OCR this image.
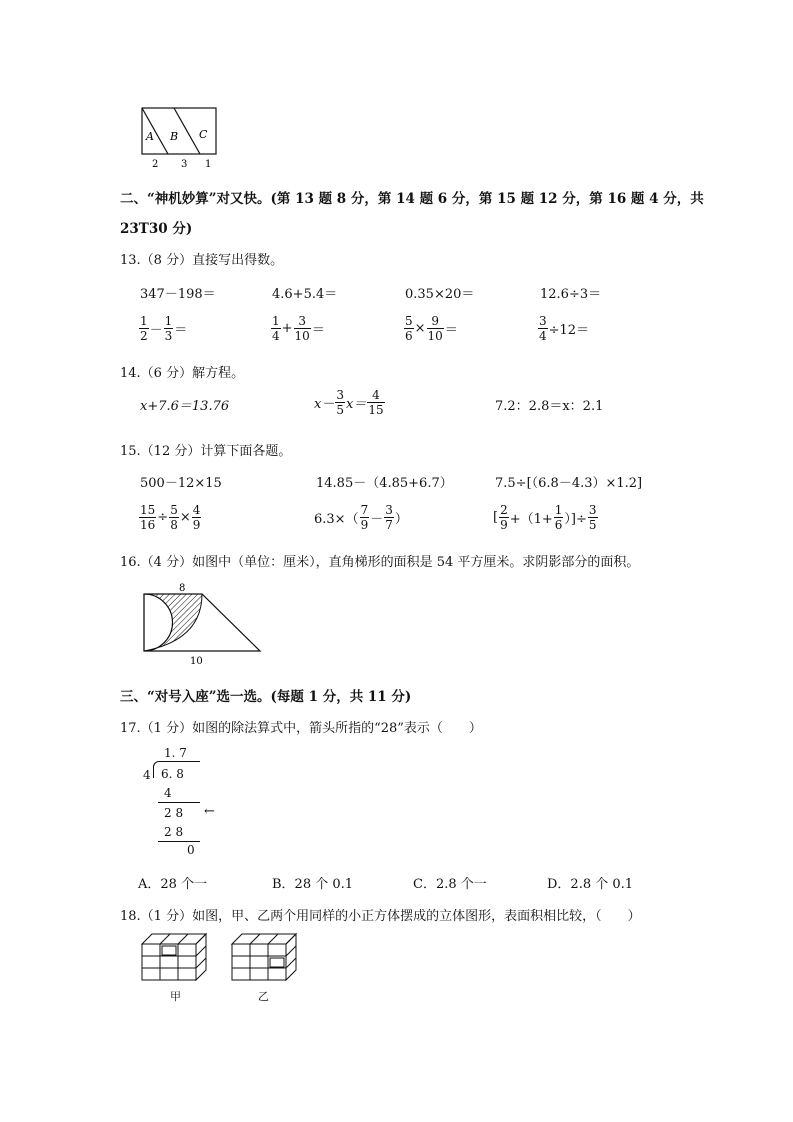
A B C
2 3 1
二、“神机妙算”对又快。(第 13 题 8 分，第 14 题 6 分，第 15 题 12 分，第 16 题 4 分，共
23T30 分)
13.（8 分）直接写出得数。
347－198＝	4.6+5.4＝	0.35×20＝	12.6÷3＝
$\frac{1}{2} - \frac{1}{3}$ ＝	$\frac{1}{4} + \frac{3}{10}$ ＝	$\frac{5}{6} \times \frac{9}{10}$ ＝	$\frac{3}{4} \div 12=$
14.（6 分）解方程。
x+7.6＝13.76	$x- \frac{3}{5} x= \frac{4}{15}$	7.2：2.8＝x：2.1
15.（12 分）计算下面各题。
500－12×15	14.85－（4.85+6.7）	7.5÷[（6.8－4.3）×1.2]
$\frac{15}{16} \div \frac{5}{8} \times \frac{4}{9}$	$6.3\times( \frac{7}{9} - \frac{3}{7}$ ）	[ $\frac{2}{9} +(1+ \frac{1}{6}$ ）]÷ $\frac{3}{5}$
16.（4 分）如图中（单位：厘米），直角梯形的面积是 54 平方厘米。求阴影部分的面积。
8
10
三、“对号入座”选一选。(每题 1 分，共 11 分)
17.（1 分）如图的除法算式中，箭头所指的“28”表示（　　）
1. 7
4 6. 8
4
2 8 ←
2 8
0
A．28 个一	B．28 个 0.1	C．2.8 个一	D．2.8 个 0.1
18.（1 分）如图，甲、乙两个用同样的小正方体摆成的立体图形，表面积相比较，（　　）
甲	乙
